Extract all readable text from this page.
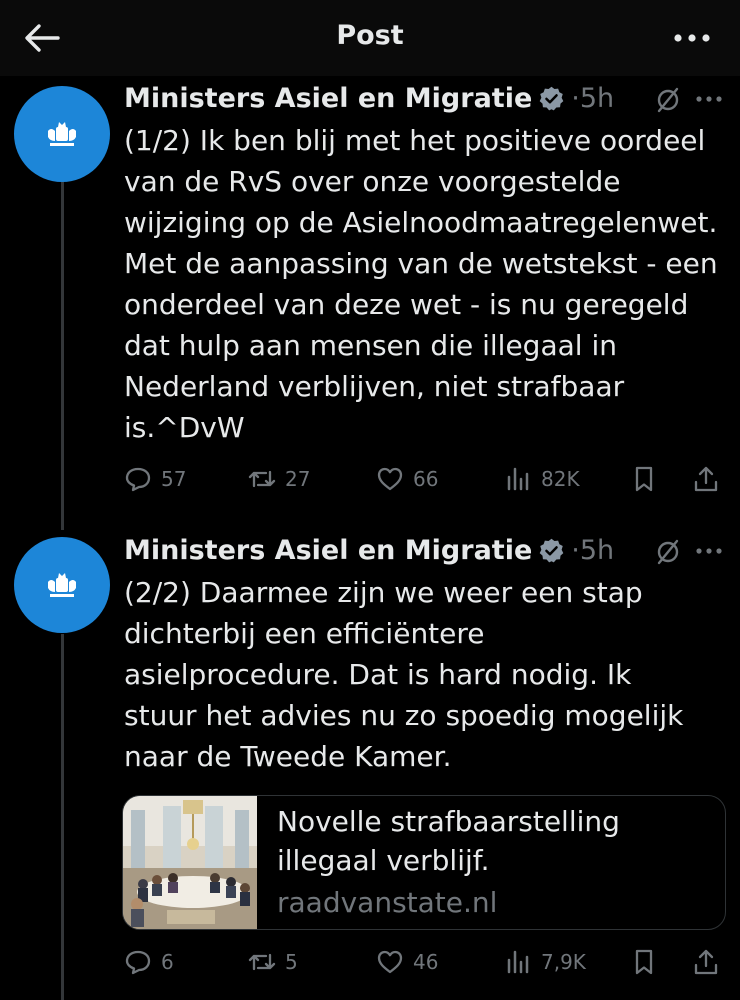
Post
Ministers Asiel en Migratie ·5h
(1/2) Ik ben blij met het positieve oordeel
van de RvS over onze voorgestelde
wijziging op de Asielnoodmaatregelenwet.
Met de aanpassing van de wetstekst - een
onderdeel van deze wet - is nu geregeld
dat hulp aan mensen die illegaal in
Nederland verblijven, niet strafbaar
is.^DvW
57	27	66	82K
Ministers Asiel en Migratie ·5h
(2/2) Daarmee zijn we weer een stap
dichterbij een efficiëntere
asielprocedure. Dat is hard nodig. Ik
stuur het advies nu zo spoedig mogelijk
naar de Tweede Kamer.
Novelle strafbaarstelling
illegaal verblijf.
raadvanstate.nl
6	5	46	7,9K
